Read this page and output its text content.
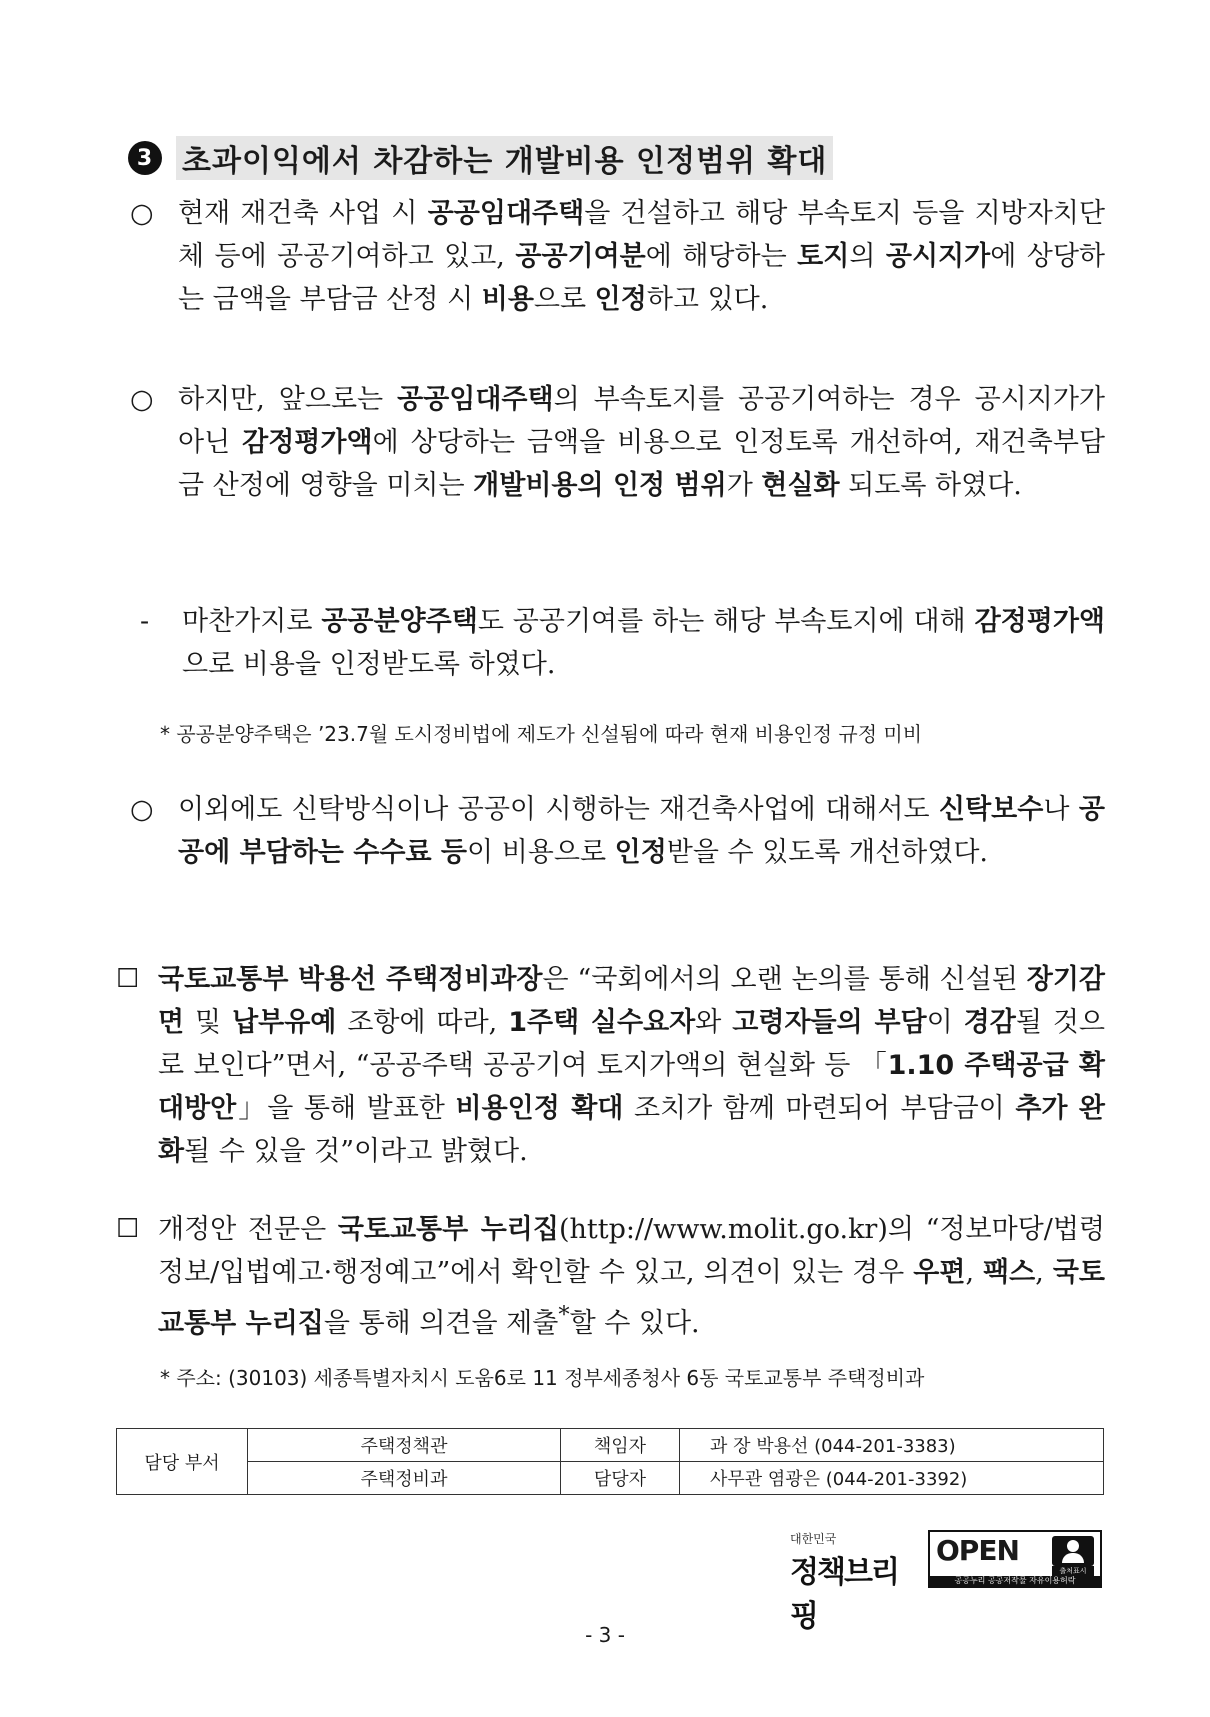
3 초과이익에서 차감하는 개발비용 인정범위 확대
○ 현재 재건축 사업 시 공공임대주택을 건설하고 해당 부속토지 등을 지방자치단체 등에 공공기여하고 있고, 공공기여분에 해당하는 토지의 공시지가에 상당하는 금액을 부담금 산정 시 비용으로 인정하고 있다.
○ 하지만, 앞으로는 공공임대주택의 부속토지를 공공기여하는 경우 공시지가가 아닌 감정평가액에 상당하는 금액을 비용으로 인정토록 개선하여, 재건축부담금 산정에 영향을 미치는 개발비용의 인정 범위가 현실화 되도록 하였다.
- 마찬가지로 공공분양주택도 공공기여를 하는 해당 부속토지에 대해 감정평가액으로 비용을 인정받도록 하였다.
* 공공분양주택은 ’23.7월 도시정비법에 제도가 신설됨에 따라 현재 비용인정 규정 미비
○ 이외에도 신탁방식이나 공공이 시행하는 재건축사업에 대해서도 신탁보수나 공공에 부담하는 수수료 등이 비용으로 인정받을 수 있도록 개선하였다.
☐ 국토교통부 박용선 주택정비과장은 “국회에서의 오랜 논의를 통해 신설된 장기감면 및 납부유예 조항에 따라, 1주택 실수요자와 고령자들의 부담이 경감될 것으로 보인다”면서, “공공주택 공공기여 토지가액의 현실화 등 「1.10 주택공급 확대방안」을 통해 발표한 비용인정 확대 조치가 함께 마련되어 부담금이 추가 완화될 수 있을 것”이라고 밝혔다.
☐ 개정안 전문은 국토교통부 누리집(http://www.molit.go.kr)의 “정보마당/법령정보/입법예고·행정예고”에서 확인할 수 있고, 의견이 있는 경우 우편, 팩스, 국토교통부 누리집을 통해 의견을 제출*할 수 있다.
* 주소: (30103) 세종특별자치시 도움6로 11 정부세종청사 6동 국토교통부 주택정비과
담당 부서	주택정책관	책임자	과 장 박용선 (044-201-3383)
	주택정비과	담당자	사무관 염광은 (044-201-3392)
대한민국
정책브리핑
OPEN
출처표시
공공누리 공공저작물 자유이용허락
- 3 -
